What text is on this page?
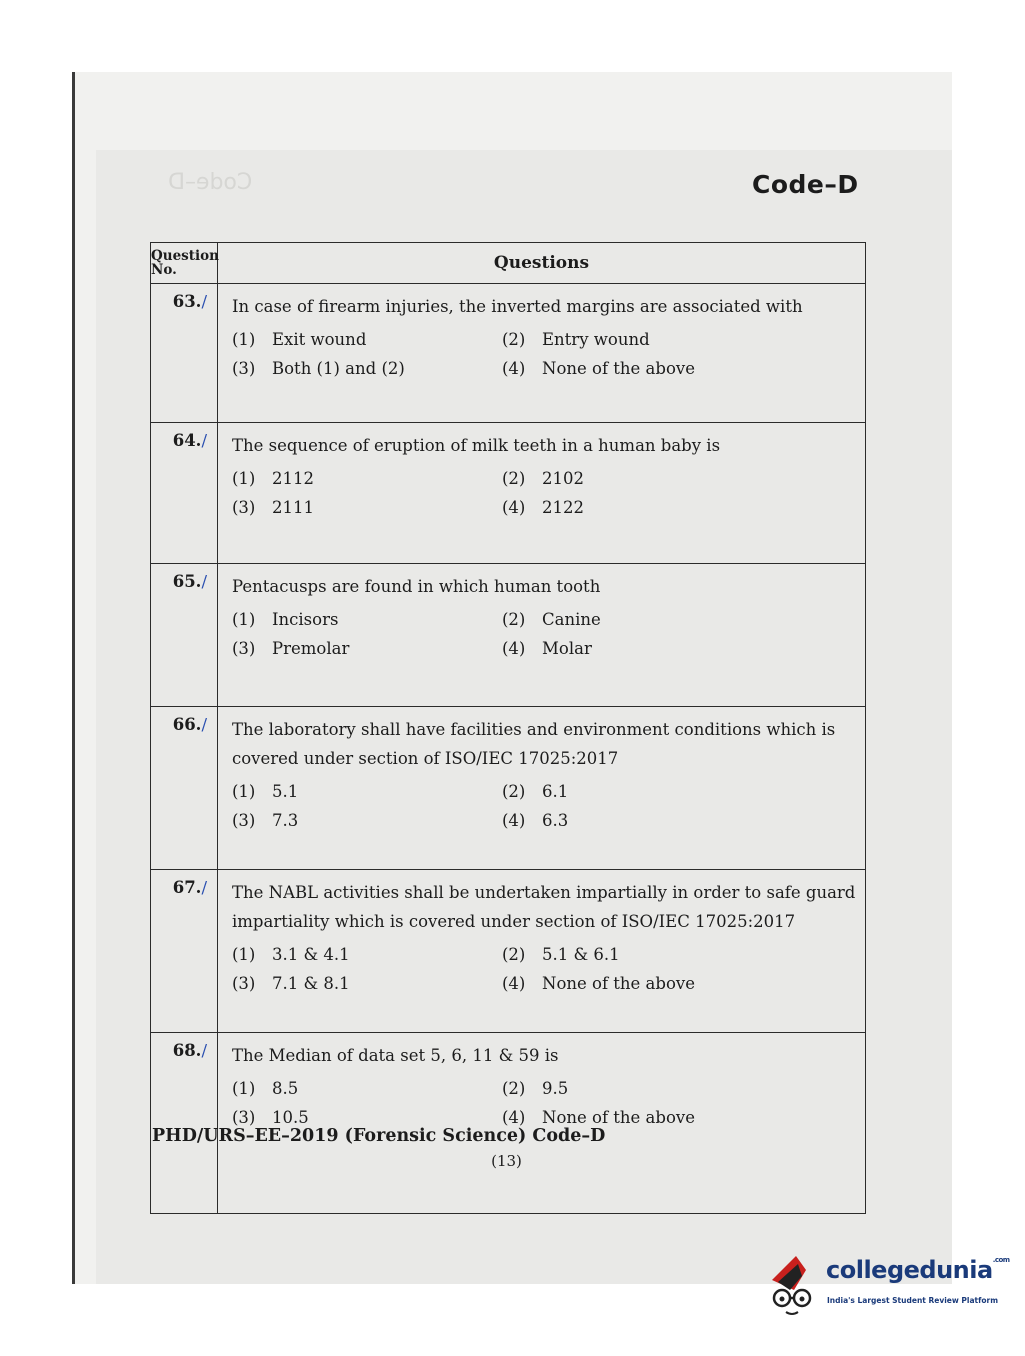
Code–D	Code–D
Question No.	Questions
63.∕	In case of firearm injuries, the inverted margins are associated with
(1) Exit wound (2) Entry wound
(3) Both (1) and (2) (4) None of the above

64.∕	The sequence of eruption of milk teeth in a human baby is
(1) 2112 (2) 2102
(3) 2111 (4) 2122

65.∕	Pentacusps are found in which human tooth
(1) Incisors (2) Canine
(3) Premolar (4) Molar

66.∕	The laboratory shall have facilities and environment conditions which is covered under section of ISO/IEC 17025:2017
(1) 5.1 (2) 6.1
(3) 7.3 (4) 6.3

67.∕	The NABL activities shall be undertaken impartially in order to safe guard impartiality which is covered under section of ISO/IEC 17025:2017
(1) 3.1 & 4.1 (2) 5.1 & 6.1
(3) 7.1 & 8.1 (4) None of the above

68.∕	The Median of data set 5, 6, 11 & 59 is
(1) 8.5 (2) 9.5
(3) 10.5 (4) None of the above
PHD/URS–EE–2019 (Forensic Science) Code–D
(13)
collegedunia$^{.com}$
India's Largest Student Review Platform
